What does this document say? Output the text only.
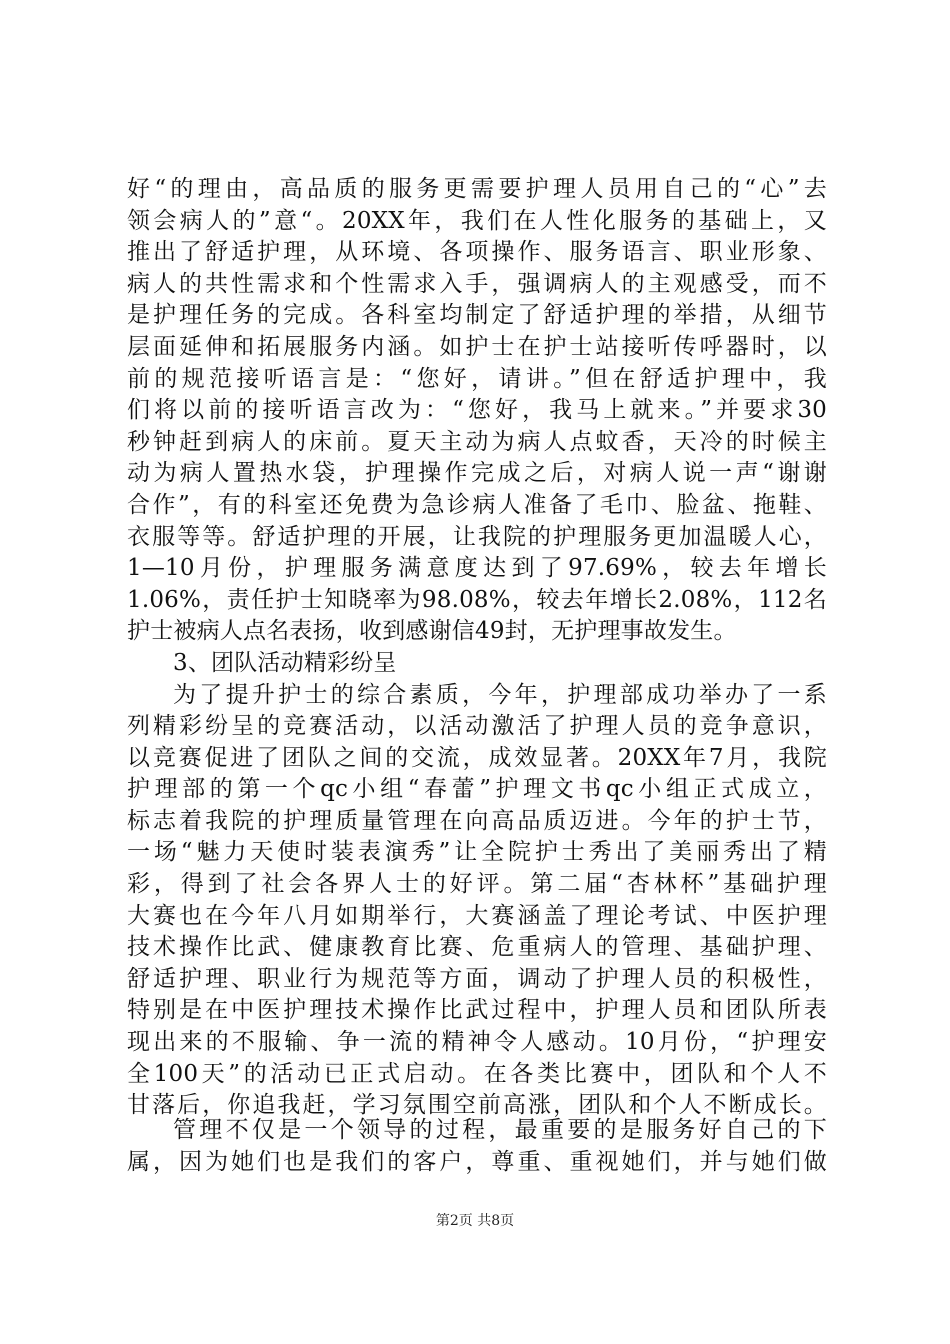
好“的理由，高品质的服务更需要护理人员用自己的“心”去
领会病人的”意“。20XX年，我们在人性化服务的基础上，又
推出了舒适护理，从环境、各项操作、服务语言、职业形象、
病人的共性需求和个性需求入手，强调病人的主观感受，而不
是护理任务的完成。各科室均制定了舒适护理的举措，从细节
层面延伸和拓展服务内涵。如护士在护士站接听传呼器时，以
前的规范接听语言是：“您好，请讲。”但在舒适护理中，我
们将以前的接听语言改为：“您好，我马上就来。”并要求30
秒钟赶到病人的床前。夏天主动为病人点蚊香，天冷的时候主
动为病人置热水袋，护理操作完成之后，对病人说一声“谢谢
合作”，有的科室还免费为急诊病人准备了毛巾、脸盆、拖鞋、
衣服等等。舒适护理的开展，让我院的护理服务更加温暖人心，
1—10月份，护理服务满意度达到了97.69%，较去年增长
1.06%，责任护士知晓率为98.08%，较去年增长2.08%，112名
护士被病人点名表扬，收到感谢信49封，无护理事故发生。
3、团队活动精彩纷呈
为了提升护士的综合素质，今年，护理部成功举办了一系
列精彩纷呈的竞赛活动，以活动激活了护理人员的竞争意识，
以竞赛促进了团队之间的交流，成效显著。20XX年7月，我院
护理部的第一个qc小组“春蕾”护理文书qc小组正式成立，
标志着我院的护理质量管理在向高品质迈进。今年的护士节，
一场“魅力天使时装表演秀”让全院护士秀出了美丽秀出了精
彩，得到了社会各界人士的好评。第二届“杏林杯”基础护理
大赛也在今年八月如期举行，大赛涵盖了理论考试、中医护理
技术操作比武、健康教育比赛、危重病人的管理、基础护理、
舒适护理、职业行为规范等方面，调动了护理人员的积极性，
特别是在中医护理技术操作比武过程中，护理人员和团队所表
现出来的不服输、争一流的精神令人感动。10月份，“护理安
全100天”的活动已正式启动。在各类比赛中，团队和个人不
甘落后，你追我赶，学习氛围空前高涨，团队和个人不断成长。
管理不仅是一个领导的过程，最重要的是服务好自己的下
属，因为她们也是我们的客户，尊重、重视她们，并与她们做
第2页 共8页
